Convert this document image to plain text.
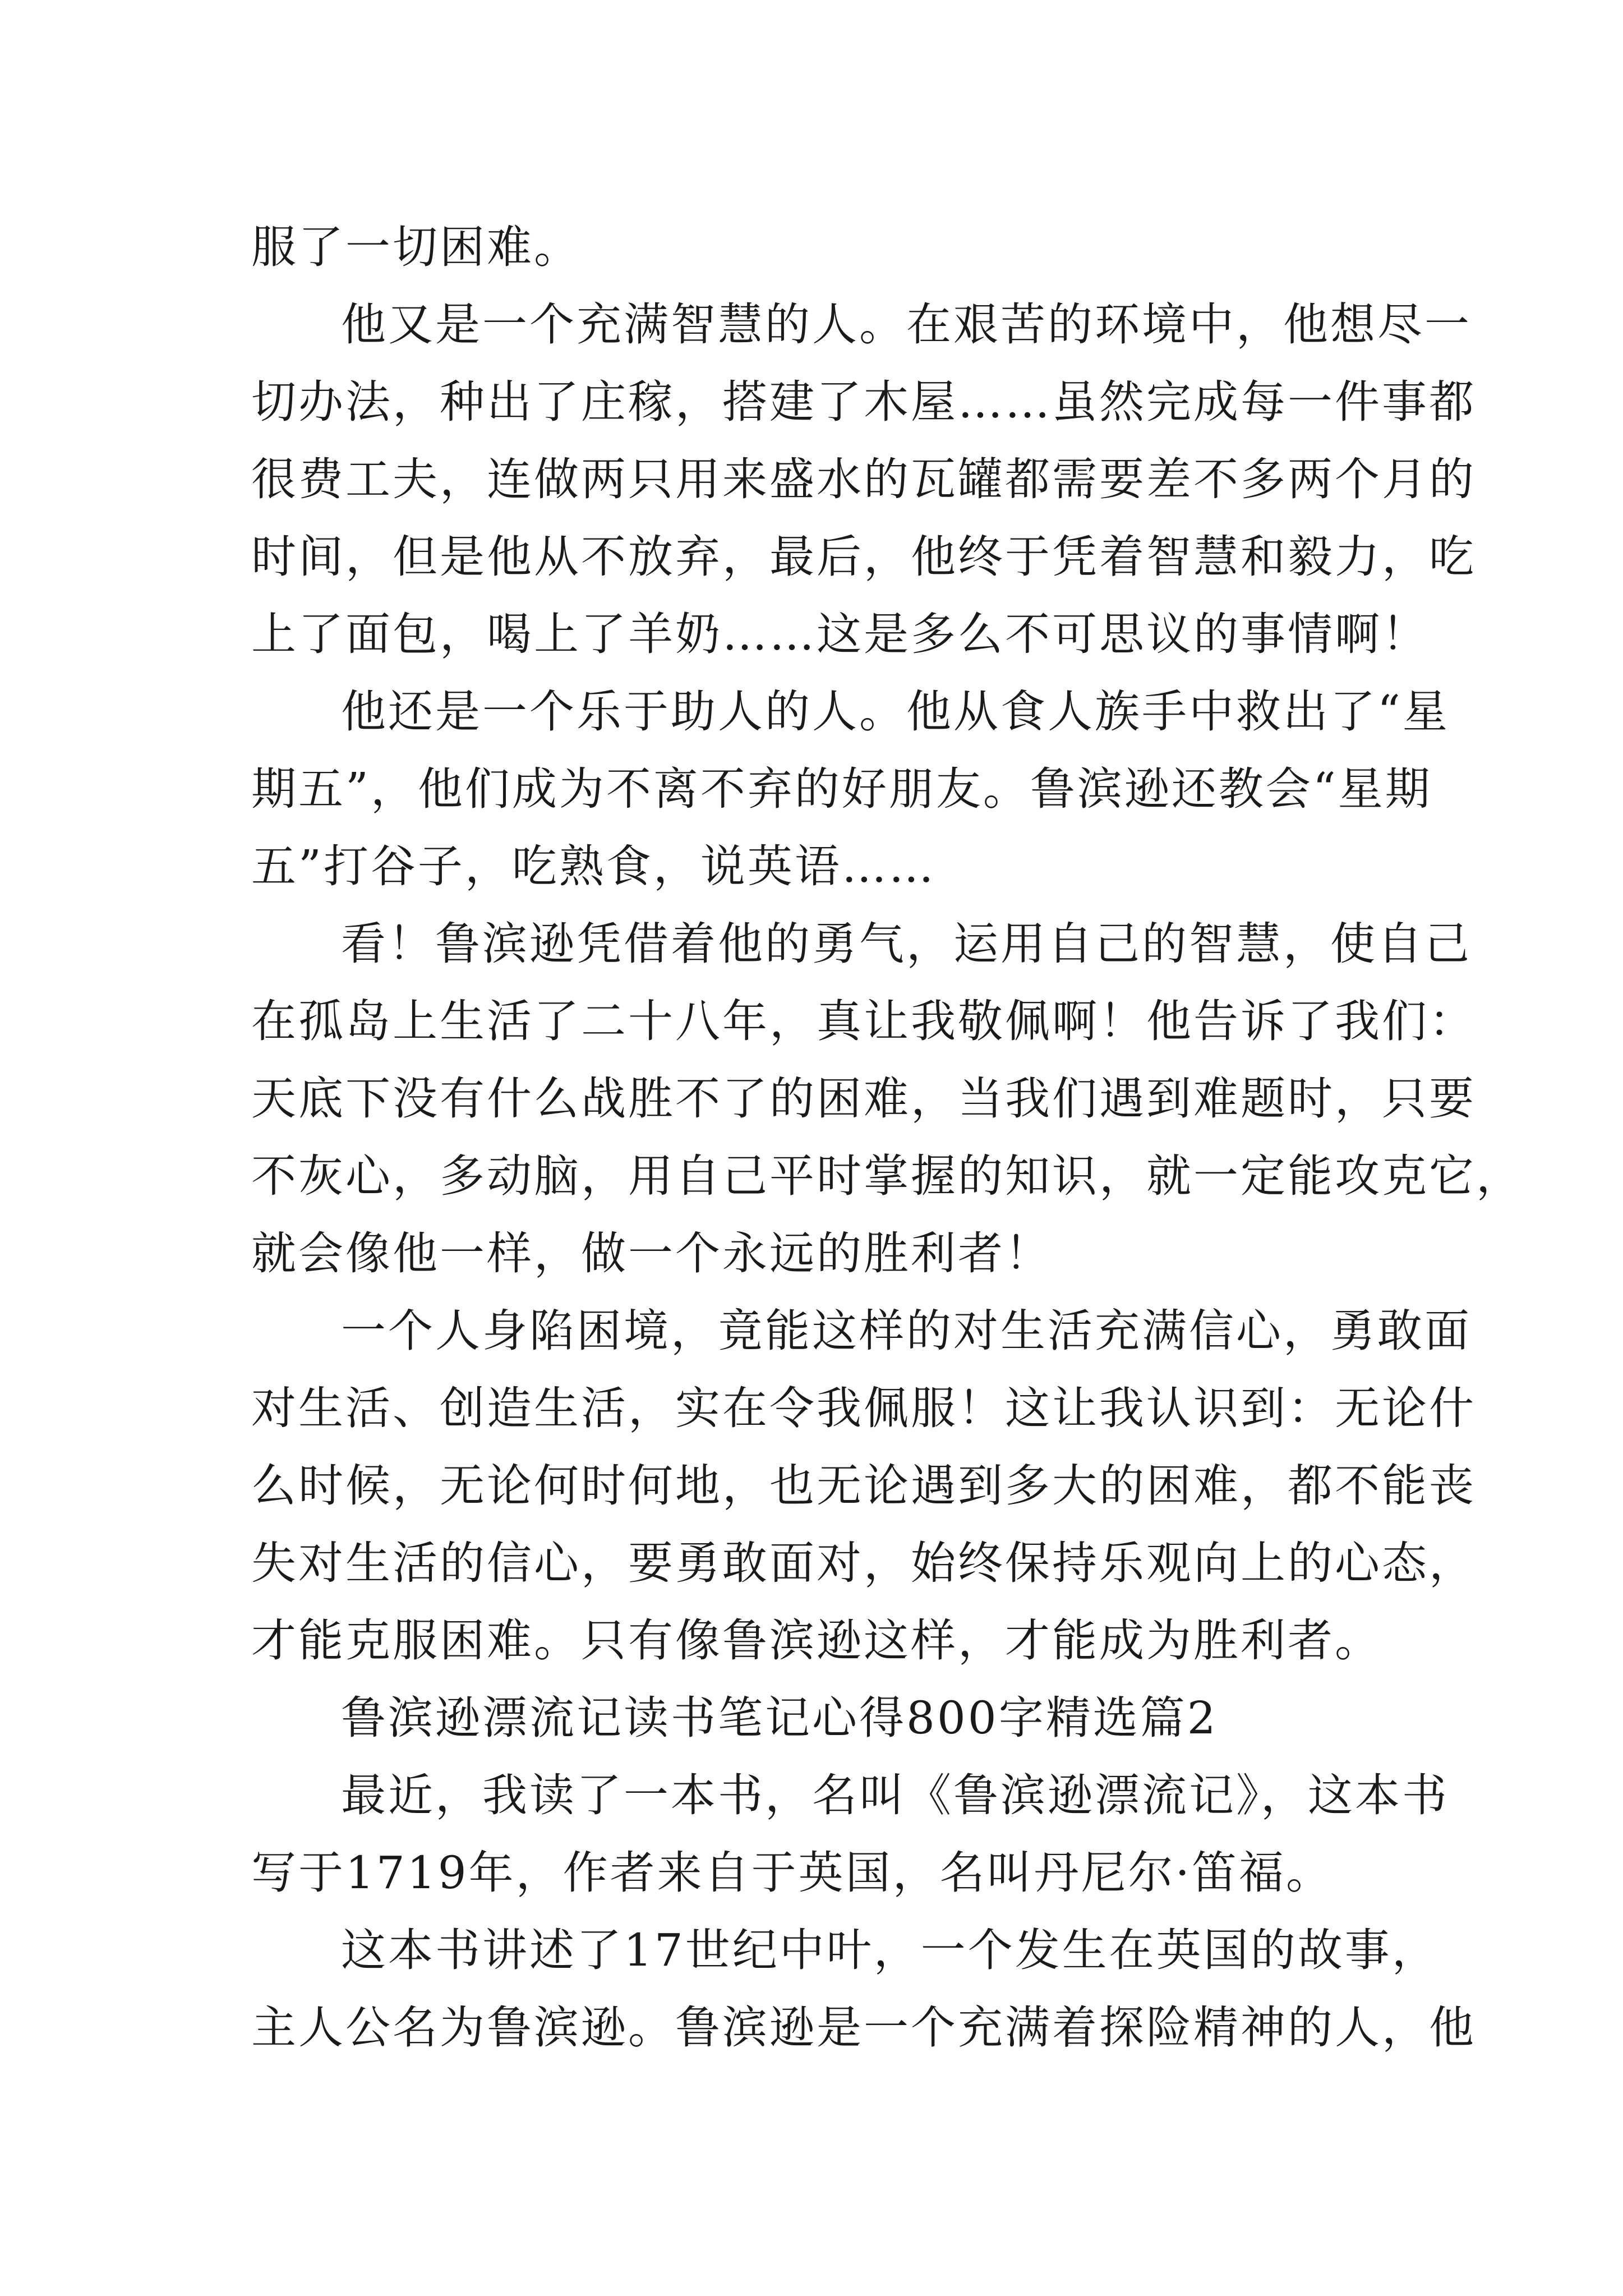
服了一切困难。
他又是一个充满智慧的人。在艰苦的环境中，他想尽一
切办法，种出了庄稼，搭建了木屋……虽然完成每一件事都
很费工夫，连做两只用来盛水的瓦罐都需要差不多两个月的
时间，但是他从不放弃，最后，他终于凭着智慧和毅力，吃
上了面包，喝上了羊奶……这是多么不可思议的事情啊！
他还是一个乐于助人的人。他从食人族手中救出了“星
期五”，他们成为不离不弃的好朋友。鲁滨逊还教会“星期
五”打谷子，吃熟食，说英语……
看！鲁滨逊凭借着他的勇气，运用自己的智慧，使自己
在孤岛上生活了二十八年，真让我敬佩啊！他告诉了我们：
天底下没有什么战胜不了的困难，当我们遇到难题时，只要
不灰心，多动脑，用自己平时掌握的知识，就一定能攻克它，
就会像他一样，做一个永远的胜利者！
一个人身陷困境，竟能这样的对生活充满信心，勇敢面
对生活、创造生活，实在令我佩服！这让我认识到：无论什
么时候，无论何时何地，也无论遇到多大的困难，都不能丧
失对生活的信心，要勇敢面对，始终保持乐观向上的心态，
才能克服困难。只有像鲁滨逊这样，才能成为胜利者。
鲁滨逊漂流记读书笔记心得800字精选篇2
最近，我读了一本书，名叫《鲁滨逊漂流记》，这本书
写于1719年，作者来自于英国，名叫丹尼尔·笛福。
这本书讲述了17世纪中叶，一个发生在英国的故事，
主人公名为鲁滨逊。鲁滨逊是一个充满着探险精神的人，他
